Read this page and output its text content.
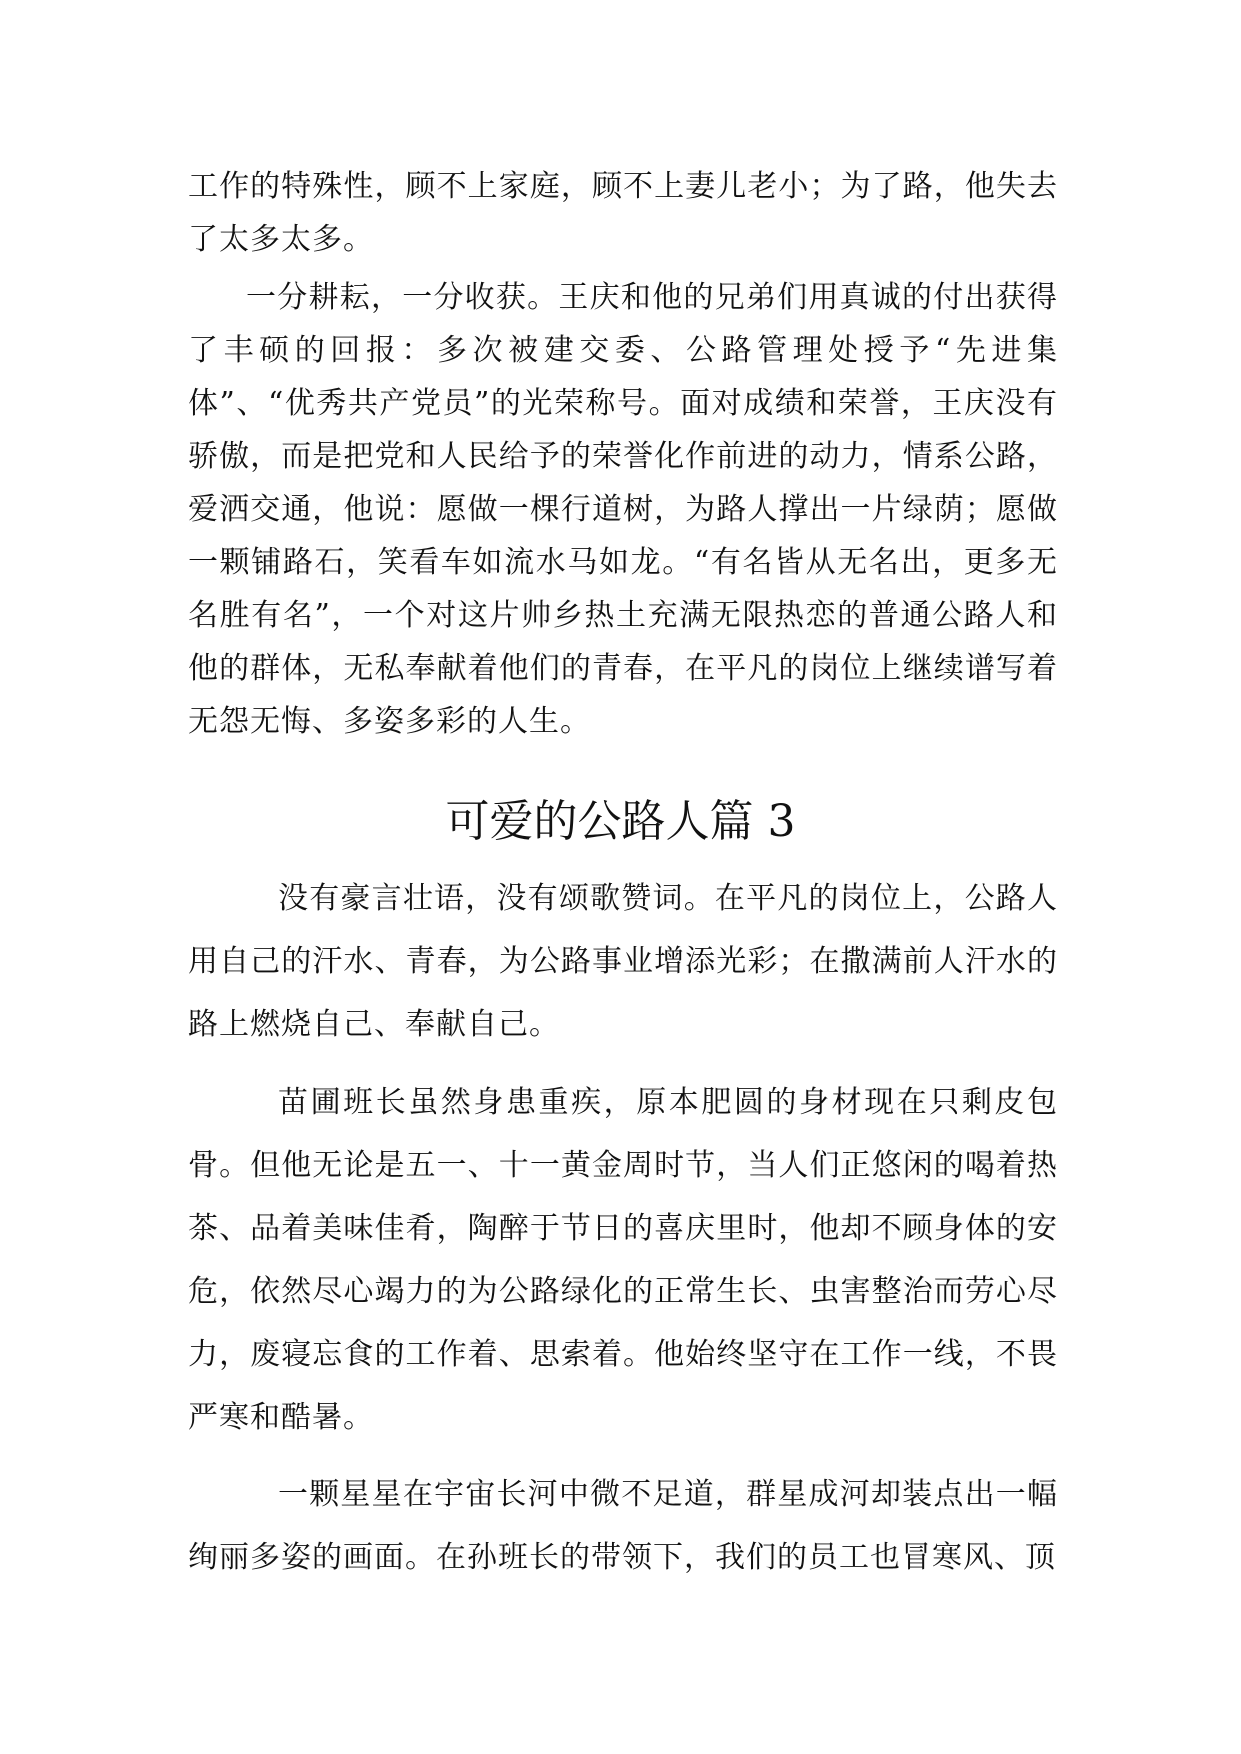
工作的特殊性，顾不上家庭，顾不上妻儿老小；为了路，他失去了太多太多。

一分耕耘，一分收获。王庆和他的兄弟们用真诚的付出获得了丰硕的回报：多次被建交委、公路管理处授予“先进集体”、“优秀共产党员”的光荣称号。面对成绩和荣誉，王庆没有骄傲，而是把党和人民给予的荣誉化作前进的动力，情系公路，爱洒交通，他说：愿做一棵行道树，为路人撑出一片绿荫；愿做一颗铺路石，笑看车如流水马如龙。“有名皆从无名出，更多无名胜有名”，一个对这片帅乡热土充满无限热恋的普通公路人和他的群体，无私奉献着他们的青春，在平凡的岗位上继续谱写着无怨无悔、多姿多彩的人生。

可爱的公路人篇 3

没有豪言壮语，没有颂歌赞词。在平凡的岗位上，公路人用自己的汗水、青春，为公路事业增添光彩；在撒满前人汗水的路上燃烧自己、奉献自己。

苗圃班长虽然身患重疾，原本肥圆的身材现在只剩皮包骨。但他无论是五一、十一黄金周时节，当人们正悠闲的喝着热茶、品着美味佳肴，陶醉于节日的喜庆里时，他却不顾身体的安危，依然尽心竭力的为公路绿化的正常生长、虫害整治而劳心尽力，废寝忘食的工作着、思索着。他始终坚守在工作一线，不畏严寒和酷暑。

一颗星星在宇宙长河中微不足道，群星成河却装点出一幅绚丽多姿的画面。在孙班长的带领下，我们的员工也冒寒风、顶
